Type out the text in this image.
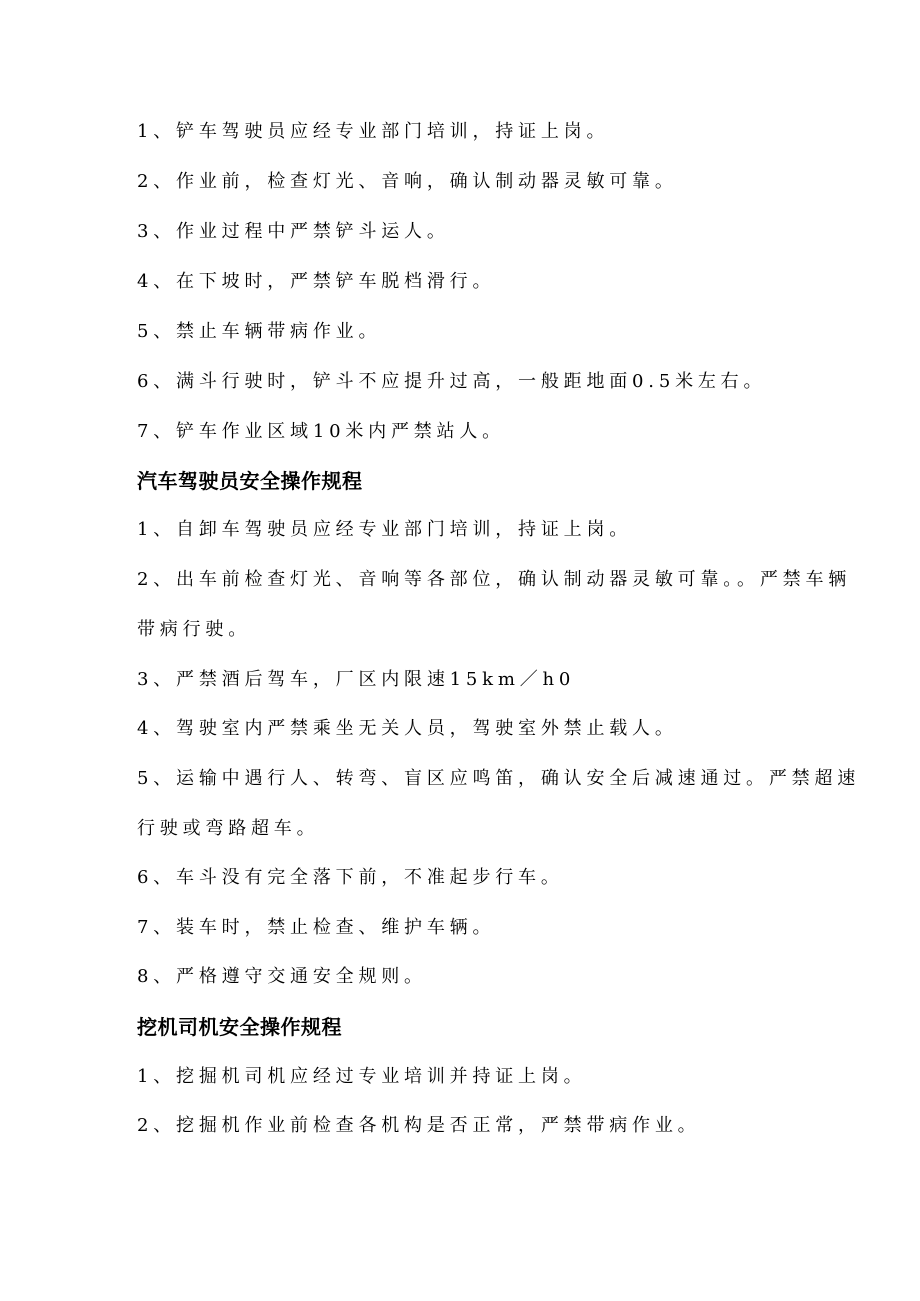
1、铲车驾驶员应经专业部门培训，持证上岗。
2、作业前，检查灯光、音响，确认制动器灵敏可靠。
3、作业过程中严禁铲斗运人。
4、在下坡时，严禁铲车脱档滑行。
5、禁止车辆带病作业。
6、满斗行驶时，铲斗不应提升过高，一般距地面0.5米左右。
7、铲车作业区域10米内严禁站人。
汽车驾驶员安全操作规程
1、自卸车驾驶员应经专业部门培训，持证上岗。
2、出车前检查灯光、音响等各部位，确认制动器灵敏可靠。。严禁车辆
带病行驶。
3、严禁酒后驾车，厂区内限速15km／h0
4、驾驶室内严禁乘坐无关人员，驾驶室外禁止载人。
5、运输中遇行人、转弯、盲区应鸣笛，确认安全后减速通过。严禁超速
行驶或弯路超车。
6、车斗没有完全落下前，不准起步行车。
7、装车时，禁止检查、维护车辆。
8、严格遵守交通安全规则。
挖机司机安全操作规程
1、挖掘机司机应经过专业培训并持证上岗。
2、挖掘机作业前检查各机构是否正常，严禁带病作业。
